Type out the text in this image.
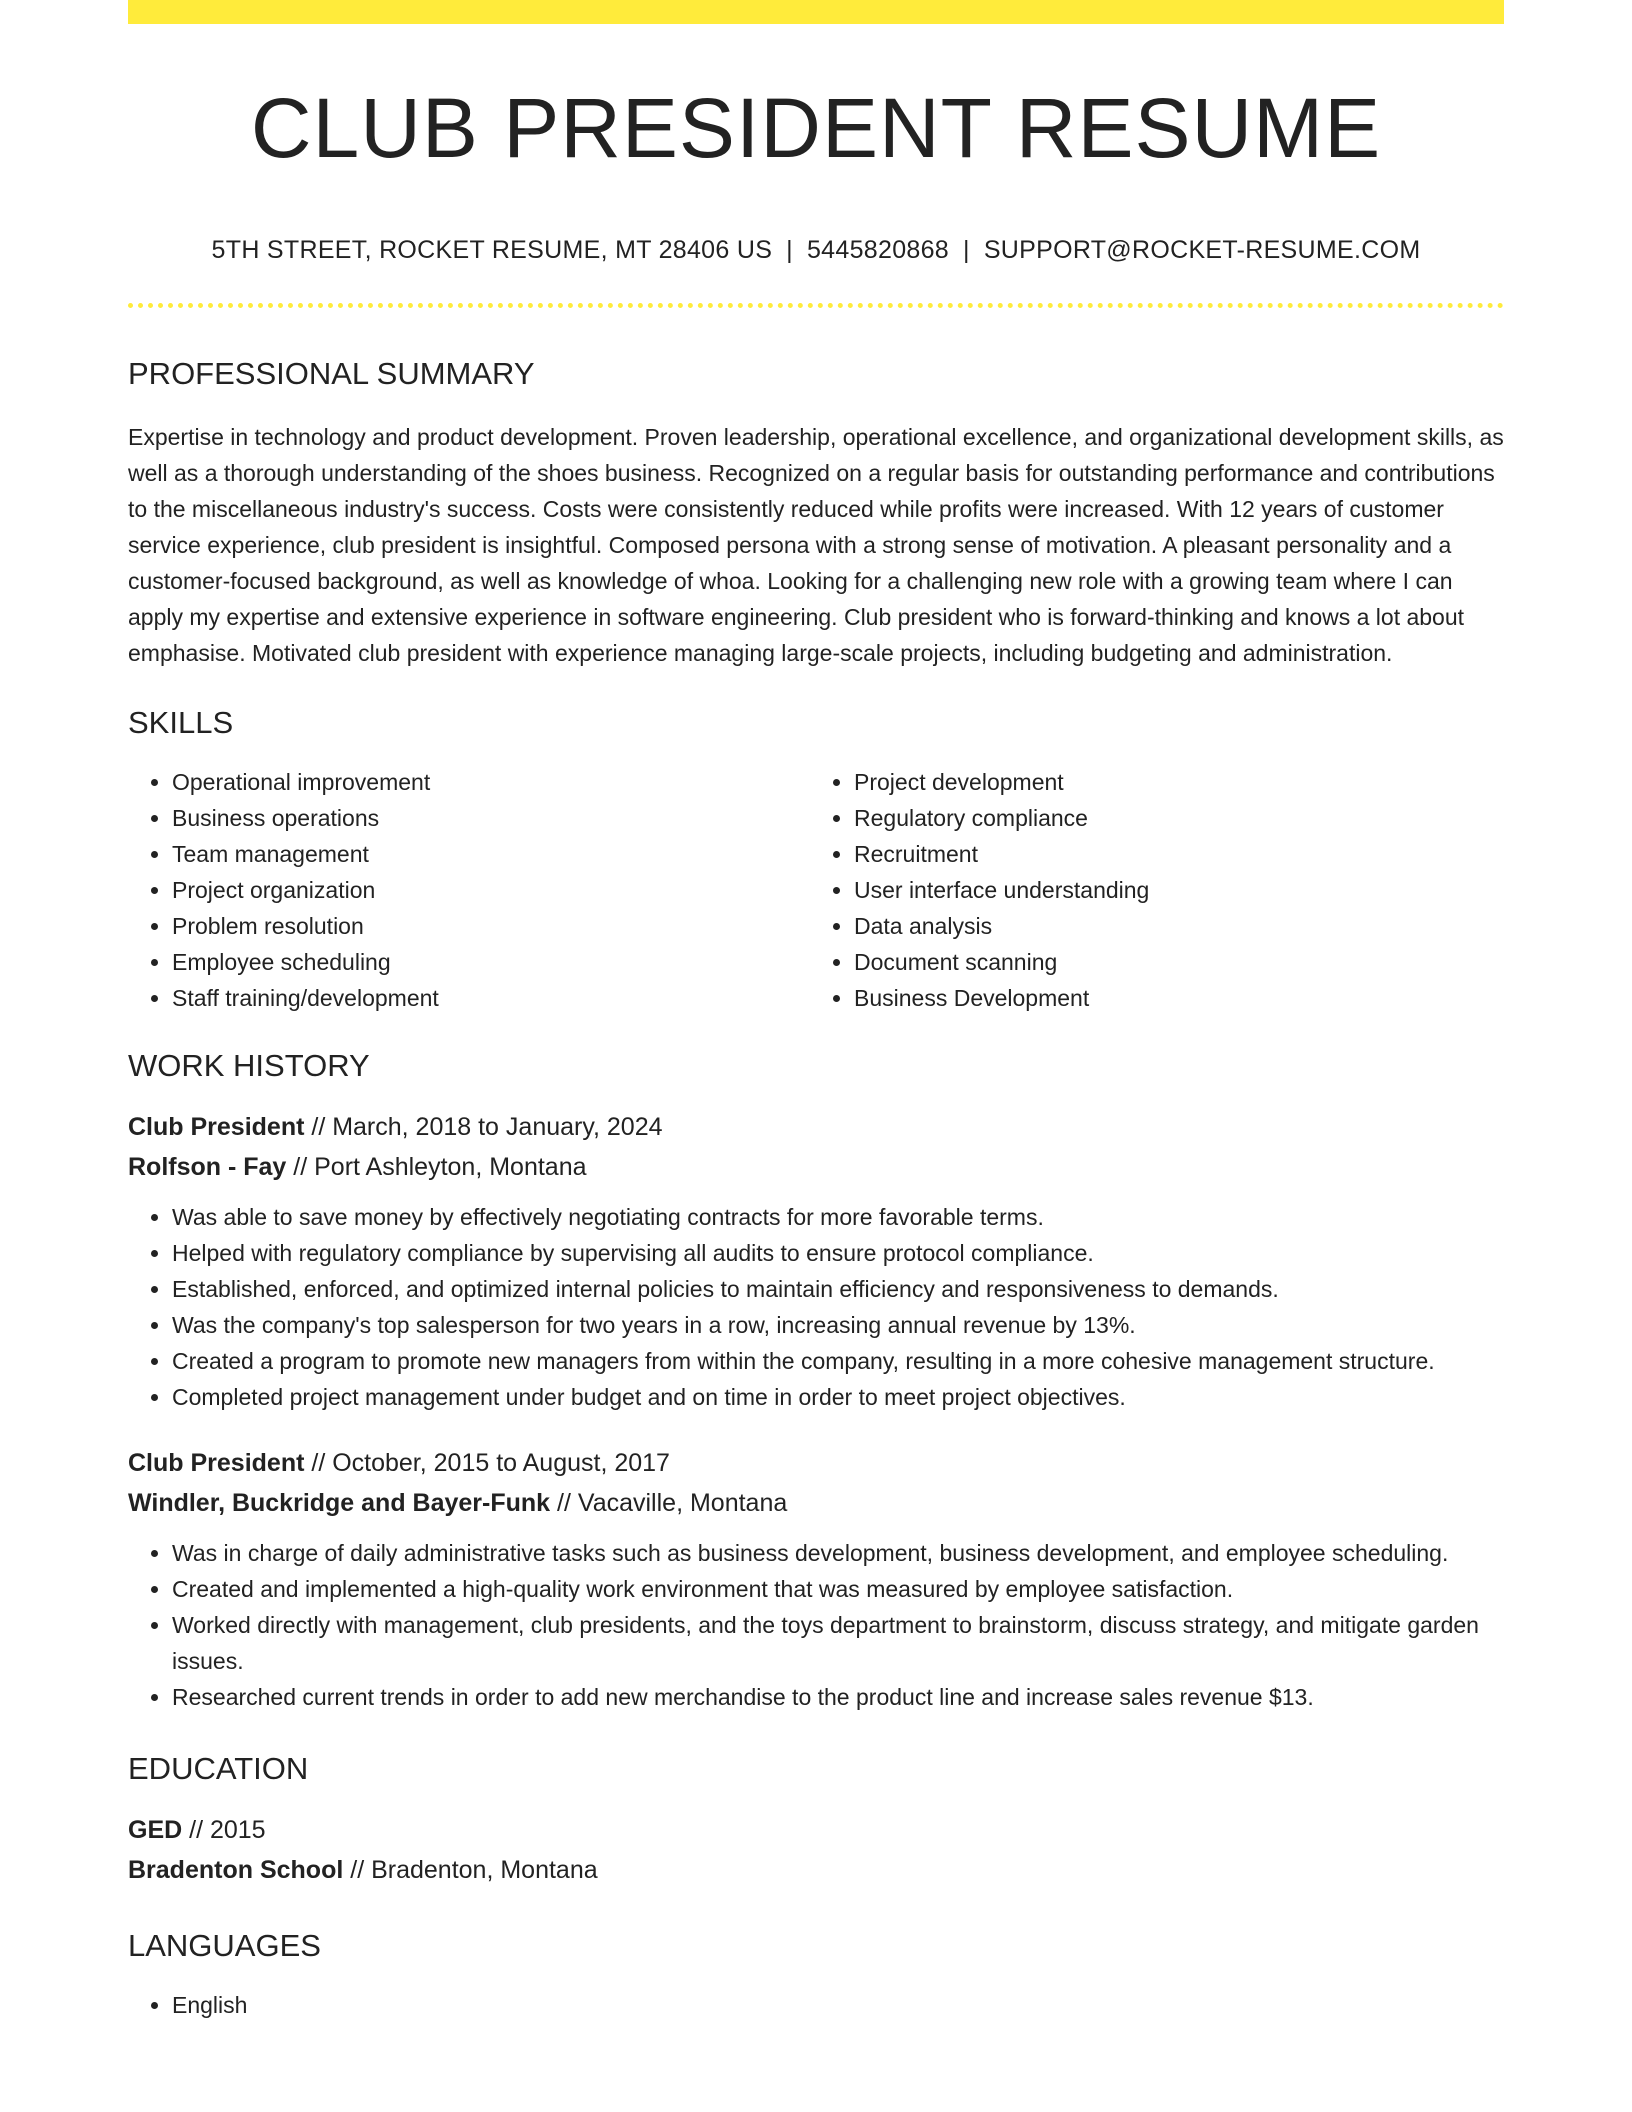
CLUB PRESIDENT RESUME
5TH STREET, ROCKET RESUME, MT 28406 US | 5445820868 | SUPPORT@ROCKET-RESUME.COM
PROFESSIONAL SUMMARY
Expertise in technology and product development. Proven leadership, operational excellence, and organizational development skills, as well as a thorough understanding of the shoes business. Recognized on a regular basis for outstanding performance and contributions to the miscellaneous industry's success. Costs were consistently reduced while profits were increased. With 12 years of customer service experience, club president is insightful. Composed persona with a strong sense of motivation. A pleasant personality and a customer-focused background, as well as knowledge of whoa. Looking for a challenging new role with a growing team where I can apply my expertise and extensive experience in software engineering. Club president who is forward-thinking and knows a lot about emphasise. Motivated club president with experience managing large-scale projects, including budgeting and administration.
SKILLS
• Operational improvement
• Business operations
• Team management
• Project organization
• Problem resolution
• Employee scheduling
• Staff training/development
• Project development
• Regulatory compliance
• Recruitment
• User interface understanding
• Data analysis
• Document scanning
• Business Development
WORK HISTORY
Club President // March, 2018 to January, 2024
Rolfson - Fay // Port Ashleyton, Montana
• Was able to save money by effectively negotiating contracts for more favorable terms.
• Helped with regulatory compliance by supervising all audits to ensure protocol compliance.
• Established, enforced, and optimized internal policies to maintain efficiency and responsiveness to demands.
• Was the company's top salesperson for two years in a row, increasing annual revenue by 13%.
• Created a program to promote new managers from within the company, resulting in a more cohesive management structure.
• Completed project management under budget and on time in order to meet project objectives.
Club President // October, 2015 to August, 2017
Windler, Buckridge and Bayer-Funk // Vacaville, Montana
• Was in charge of daily administrative tasks such as business development, business development, and employee scheduling.
• Created and implemented a high-quality work environment that was measured by employee satisfaction.
• Worked directly with management, club presidents, and the toys department to brainstorm, discuss strategy, and mitigate garden issues.
• Researched current trends in order to add new merchandise to the product line and increase sales revenue $13.
EDUCATION
GED // 2015
Bradenton School // Bradenton, Montana
LANGUAGES
• English
